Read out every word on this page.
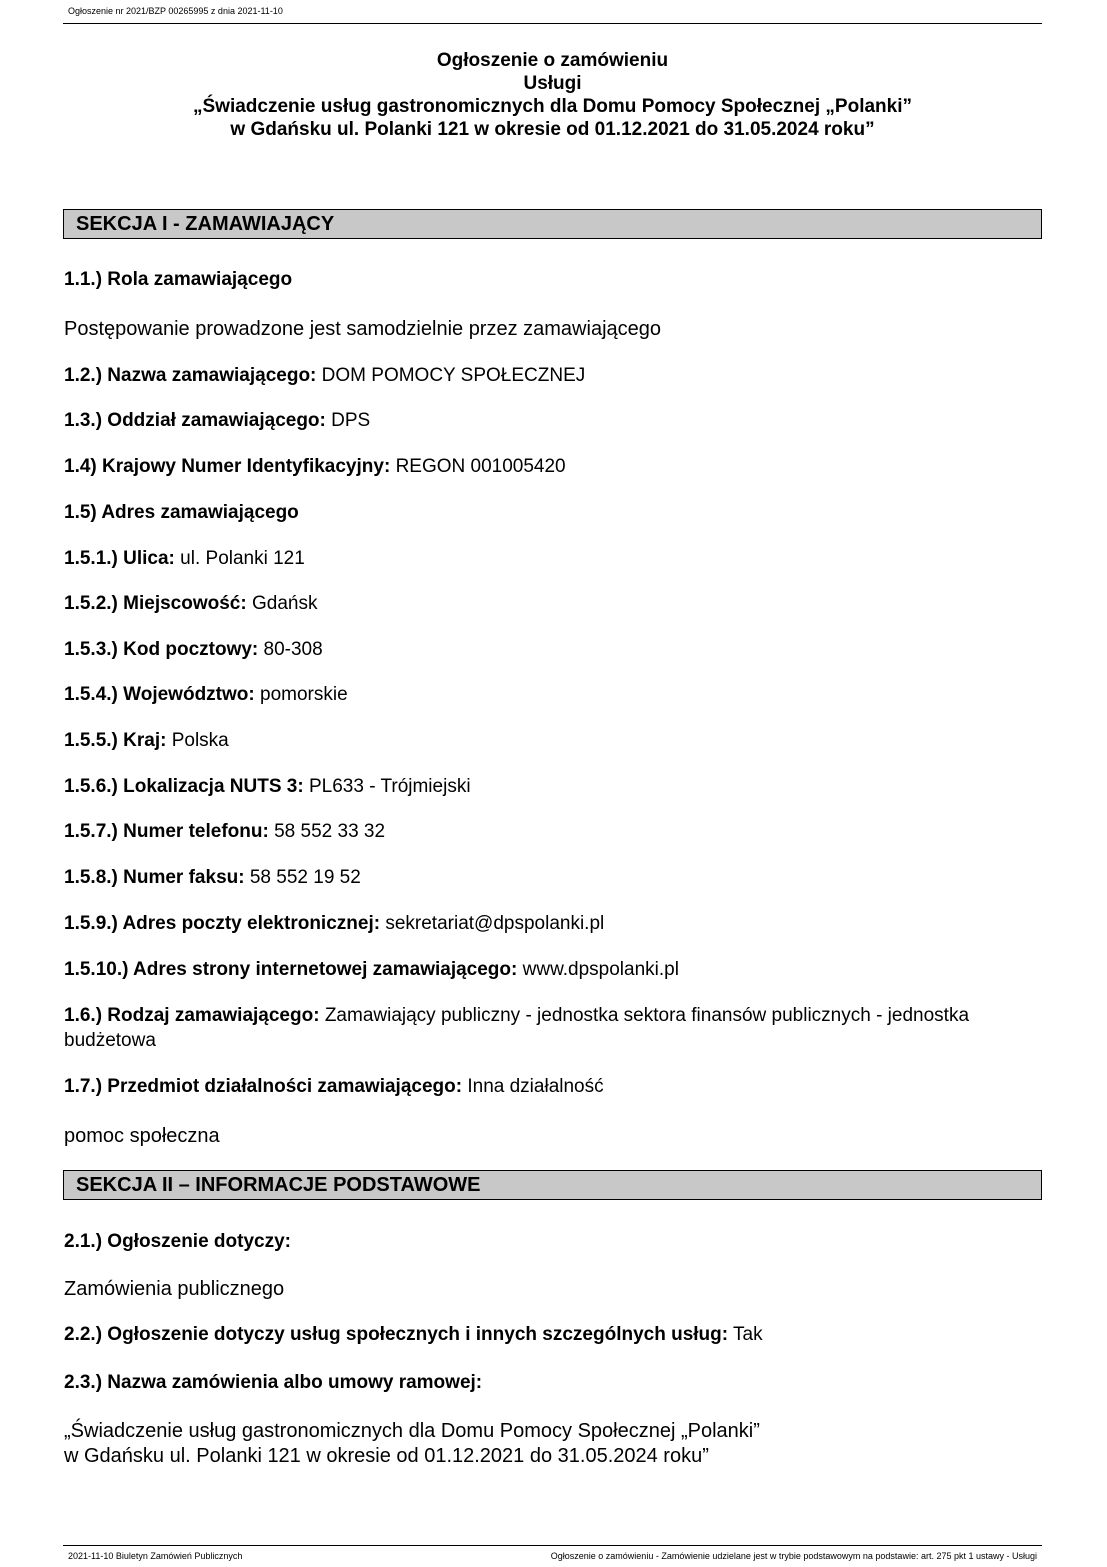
Ogłoszenie nr 2021/BZP 00265995 z dnia 2021-11-10
Ogłoszenie o zamówieniu
Usługi
„Świadczenie usług gastronomicznych dla Domu Pomocy Społecznej „Polanki”
w Gdańsku ul. Polanki 121 w okresie od 01.12.2021 do 31.05.2024 roku”
SEKCJA I - ZAMAWIAJĄCY
1.1.) Rola zamawiającego
Postępowanie prowadzone jest samodzielnie przez zamawiającego
1.2.) Nazwa zamawiającego: DOM POMOCY SPOŁECZNEJ
1.3.) Oddział zamawiającego: DPS
1.4) Krajowy Numer Identyfikacyjny: REGON 001005420
1.5) Adres zamawiającego
1.5.1.) Ulica: ul. Polanki 121
1.5.2.) Miejscowość: Gdańsk
1.5.3.) Kod pocztowy: 80-308
1.5.4.) Województwo: pomorskie
1.5.5.) Kraj: Polska
1.5.6.) Lokalizacja NUTS 3: PL633 - Trójmiejski
1.5.7.) Numer telefonu: 58 552 33 32
1.5.8.) Numer faksu: 58 552 19 52
1.5.9.) Adres poczty elektronicznej: sekretariat@dpspolanki.pl
1.5.10.) Adres strony internetowej zamawiającego: www.dpspolanki.pl
1.6.) Rodzaj zamawiającego: Zamawiający publiczny - jednostka sektora finansów publicznych - jednostka budżetowa
1.7.) Przedmiot działalności zamawiającego: Inna działalność
pomoc społeczna
SEKCJA II – INFORMACJE PODSTAWOWE
2.1.) Ogłoszenie dotyczy:
Zamówienia publicznego
2.2.) Ogłoszenie dotyczy usług społecznych i innych szczególnych usług: Tak
2.3.) Nazwa zamówienia albo umowy ramowej:
„Świadczenie usług gastronomicznych dla Domu Pomocy Społecznej „Polanki”
w Gdańsku ul. Polanki 121 w okresie od 01.12.2021 do 31.05.2024 roku”
2021-11-10 Biuletyn Zamówień Publicznych	Ogłoszenie o zamówieniu - Zamówienie udzielane jest w trybie podstawowym na podstawie: art. 275 pkt 1 ustawy - Usługi
